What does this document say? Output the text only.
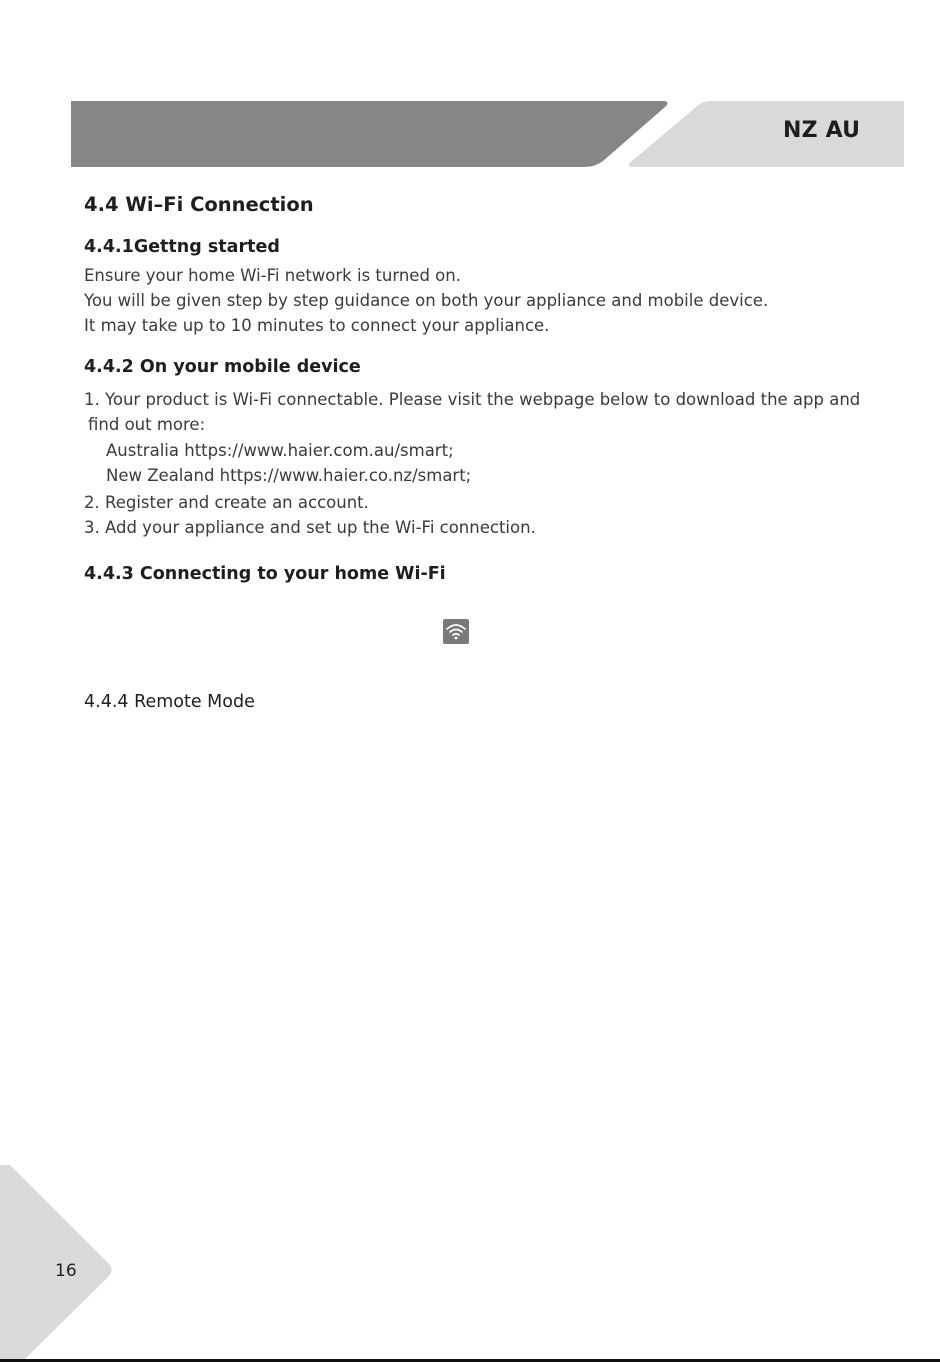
NZ AU
4.4 Wi–Fi Connection
4.4.1Gettng started
Ensure your home Wi-Fi network is turned on.
You will be given step by step guidance on both your appliance and mobile device.
It may take up to 10 minutes to connect your appliance.
4.4.2 On your mobile device
1. Your product is Wi-Fi connectable. Please visit the webpage below to download the app and
find out more:
Australia https://www.haier.com.au/smart;
New Zealand https://www.haier.co.nz/smart;
2. Register and create an account.
3. Add your appliance and set up the Wi-Fi connection.
4.4.3 Connecting to your home Wi-Fi
4.4.4 Remote Mode
16
